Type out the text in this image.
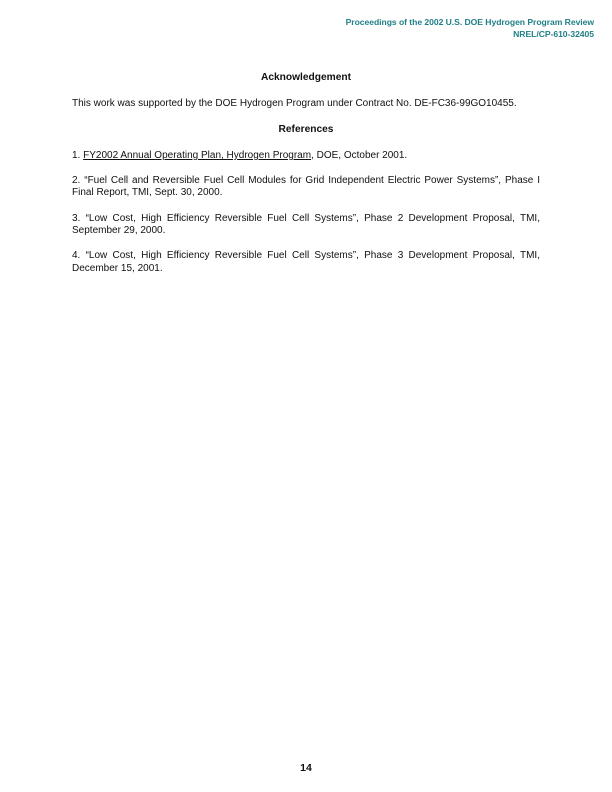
Proceedings of the 2002 U.S. DOE Hydrogen Program Review
NREL/CP-610-32405
Acknowledgement

This work was supported by the DOE Hydrogen Program under Contract No. DE-FC36-99GO10455.

References

1. FY2002 Annual Operating Plan, Hydrogen Program, DOE, October 2001.

2. “Fuel Cell and Reversible Fuel Cell Modules for Grid Independent Electric Power Systems”, Phase I Final Report, TMI, Sept. 30, 2000.

3. “Low Cost, High Efficiency Reversible Fuel Cell Systems”, Phase 2 Development Proposal, TMI, September 29, 2000.

4. “Low Cost, High Efficiency Reversible Fuel Cell Systems”, Phase 3 Development Proposal, TMI, December 15, 2001.

14
